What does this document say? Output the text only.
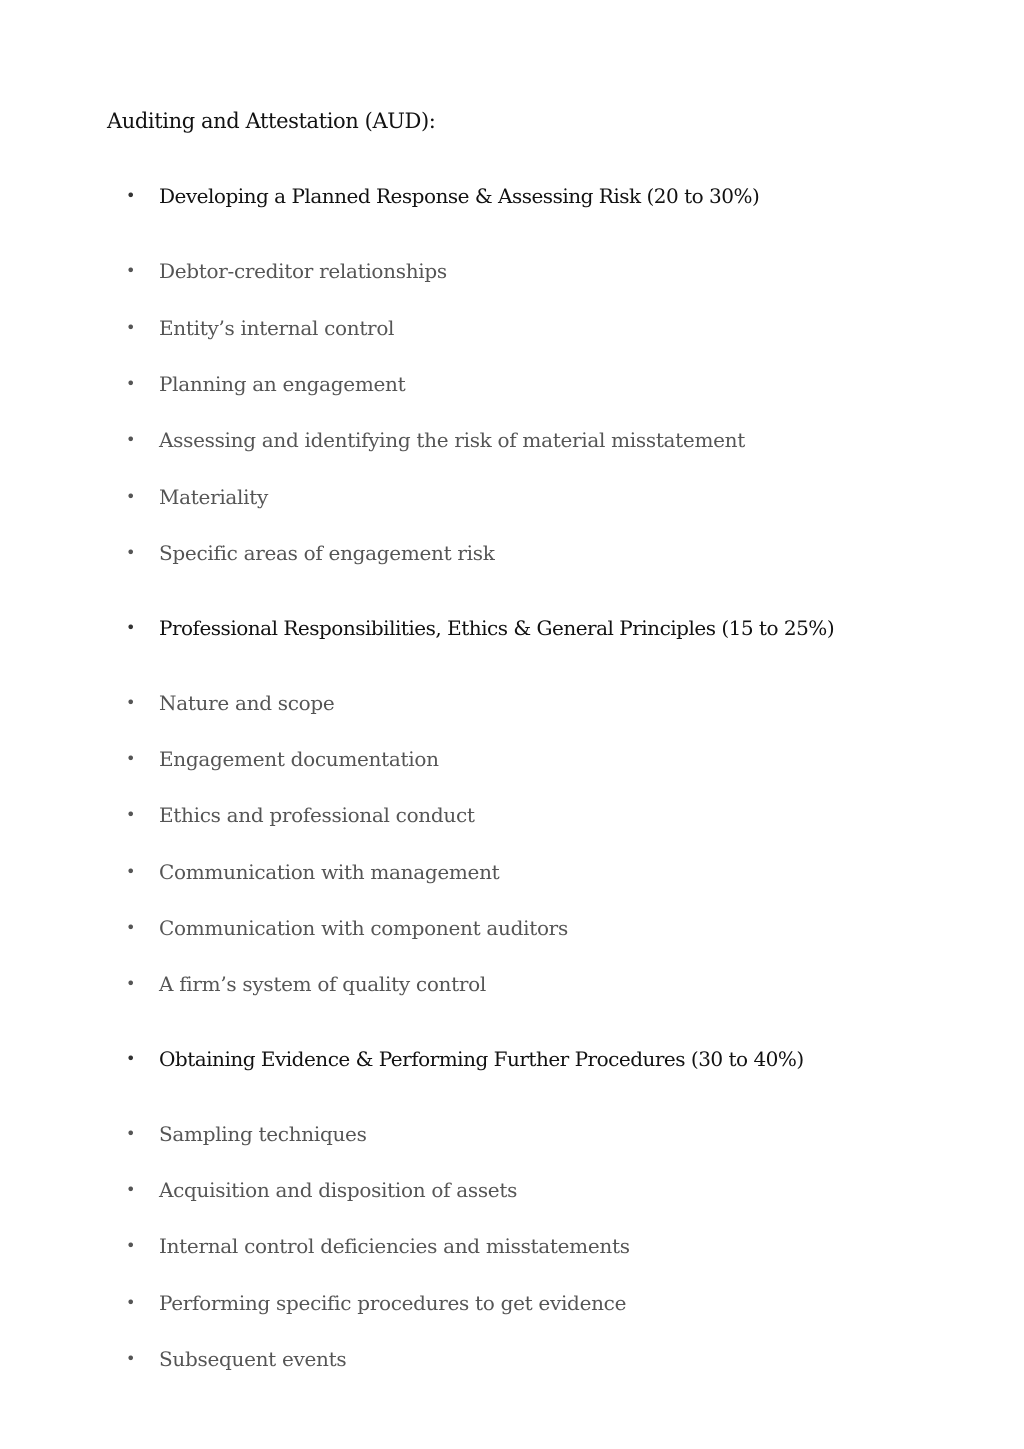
Auditing and Attestation (AUD):
• Developing a Planned Response & Assessing Risk (20 to 30%)
• Debtor-creditor relationships
• Entity’s internal control
• Planning an engagement
• Assessing and identifying the risk of material misstatement
• Materiality
• Specific areas of engagement risk
• Professional Responsibilities, Ethics & General Principles (15 to 25%)
• Nature and scope
• Engagement documentation
• Ethics and professional conduct
• Communication with management
• Communication with component auditors
• A firm’s system of quality control
• Obtaining Evidence & Performing Further Procedures (30 to 40%)
• Sampling techniques
• Acquisition and disposition of assets
• Internal control deficiencies and misstatements
• Performing specific procedures to get evidence
• Subsequent events
